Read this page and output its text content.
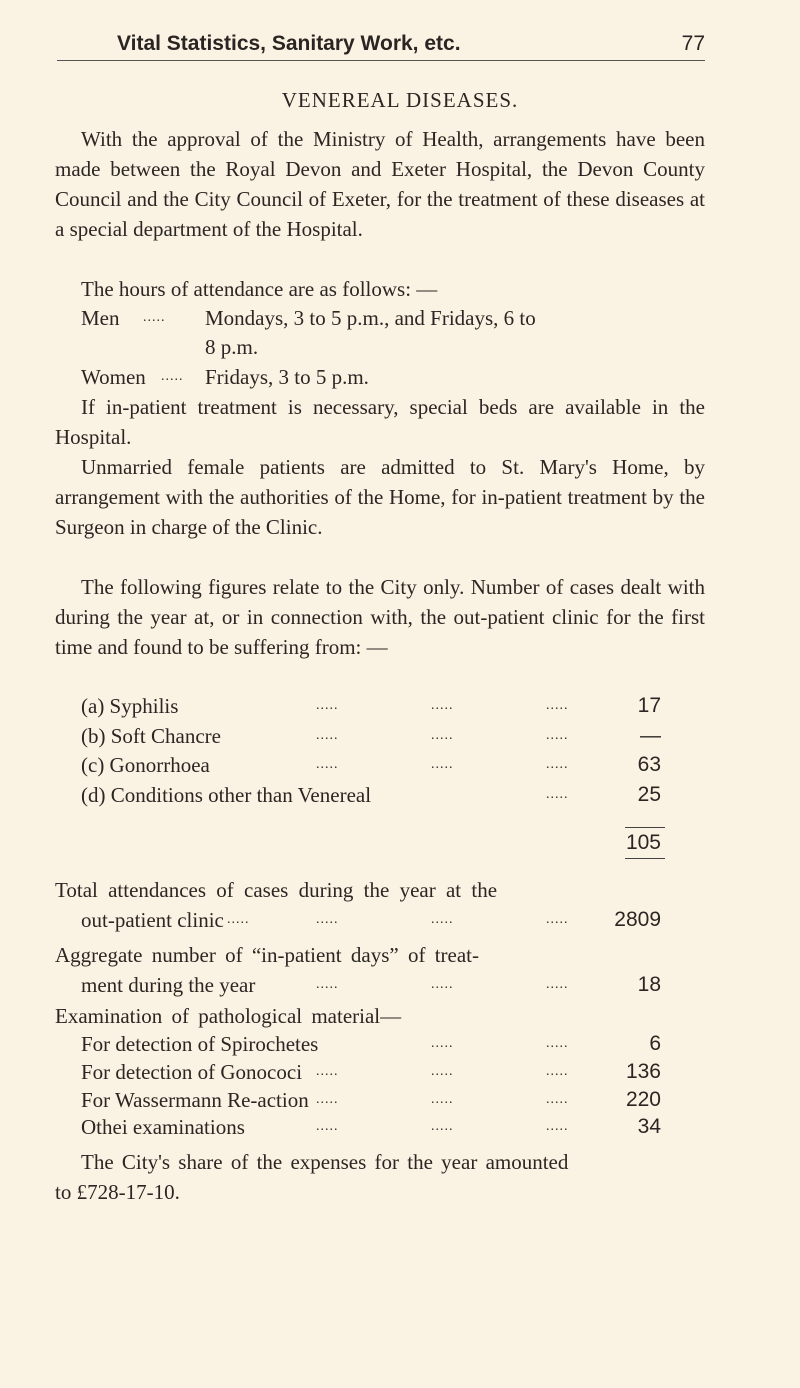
Vital Statistics, Sanitary Work, etc.	77
VENEREAL DISEASES.
With the approval of the Ministry of Health, arrangements have been made between the Royal Devon and Exeter Hospital, the Devon County Council and the City Council of Exeter, for the treatment of these diseases at a special department of the Hospital.
The hours of attendance are as follows: —
Men ..... Mondays, 3 to 5 p.m., and Fridays, 6 to
8 p.m.
Women ..... Fridays, 3 to 5 p.m.
If in-patient treatment is necessary, special beds are available in the Hospital.
Unmarried female patients are admitted to St. Mary's Home, by arrangement with the authorities of the Home, for in-patient treatment by the Surgeon in charge of the Clinic.
The following figures relate to the City only. Number of cases dealt with during the year at, or in connection with, the out-patient clinic for the first time and found to be suffering from: —
(a) Syphilis	.....	.....	.....	17
(b) Soft Chancre	.....	.....	.....	—
(c) Gonorrhoea	.....	.....	.....	63
(d) Conditions other than Venereal	.....	25
105
Total attendances of cases during the year at the
out-patient clinic .....	.....	.....	..... 2809
Aggregate number of “in-patient days” of treat-
ment during the year	.....	.....	.....	18
Examination of pathological material—
For detection of Spirochetes	.....	.....	6
For detection of Gonococi .....	.....	.....	136
For Wassermann Re-action .....	.....	.....	220
Othei examinations	.....	.....	.....	34
The City's share of the expenses for the year amounted
to £728-17-10.
